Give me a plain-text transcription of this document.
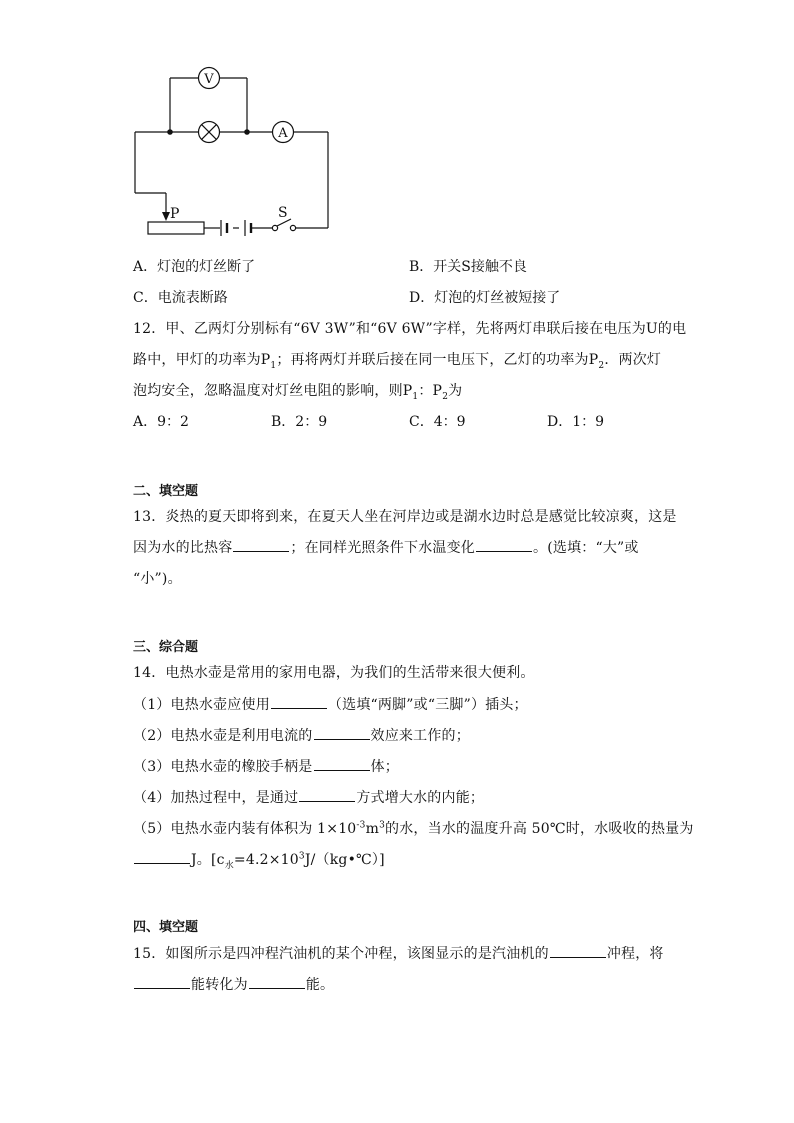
V
A
P	S
A．灯泡的灯丝断了	B．开关S接触不良
C．电流表断路	D．灯泡的灯丝被短接了
12．甲、乙两灯分别标有“6V 3W”和“6V 6W”字样，先将两灯串联后接在电压为U的电
路中，甲灯的功率为$P_1$；再将两灯并联后接在同一电压下，乙灯的功率为$P_2$．两次灯
泡均安全，忽略温度对灯丝电阻的影响，则$P_1$：$P_2$为
A．9：2	B．2：9	C．4：9	D．1：9
二、填空题
13．炎热的夏天即将到来，在夏天人坐在河岸边或是湖水边时总是感觉比较凉爽，这是
因为水的比热容	；在同样光照条件下水温变化	。(选填：“大”或
“小”)。
三、综合题
14．电热水壶是常用的家用电器，为我们的生活带来很大便利。
（1）电热水壶应使用	（选填“两脚”或“三脚”）插头；
（2）电热水壶是利用电流的	效应来工作的；
（3）电热水壶的橡胶手柄是	体；
（4）加热过程中，是通过	方式增大水的内能；
（5）电热水壶内装有体积为 $1\times 10^{-3}m^3$的水，当水的温度升高 50℃时，水吸收的热量为
J。$[c_水=4.2\times 10^3J/(kg•℃)]$
四、填空题
15．如图所示是四冲程汽油机的某个冲程，该图显示的是汽油机的	冲程，将
能转化为	能。
